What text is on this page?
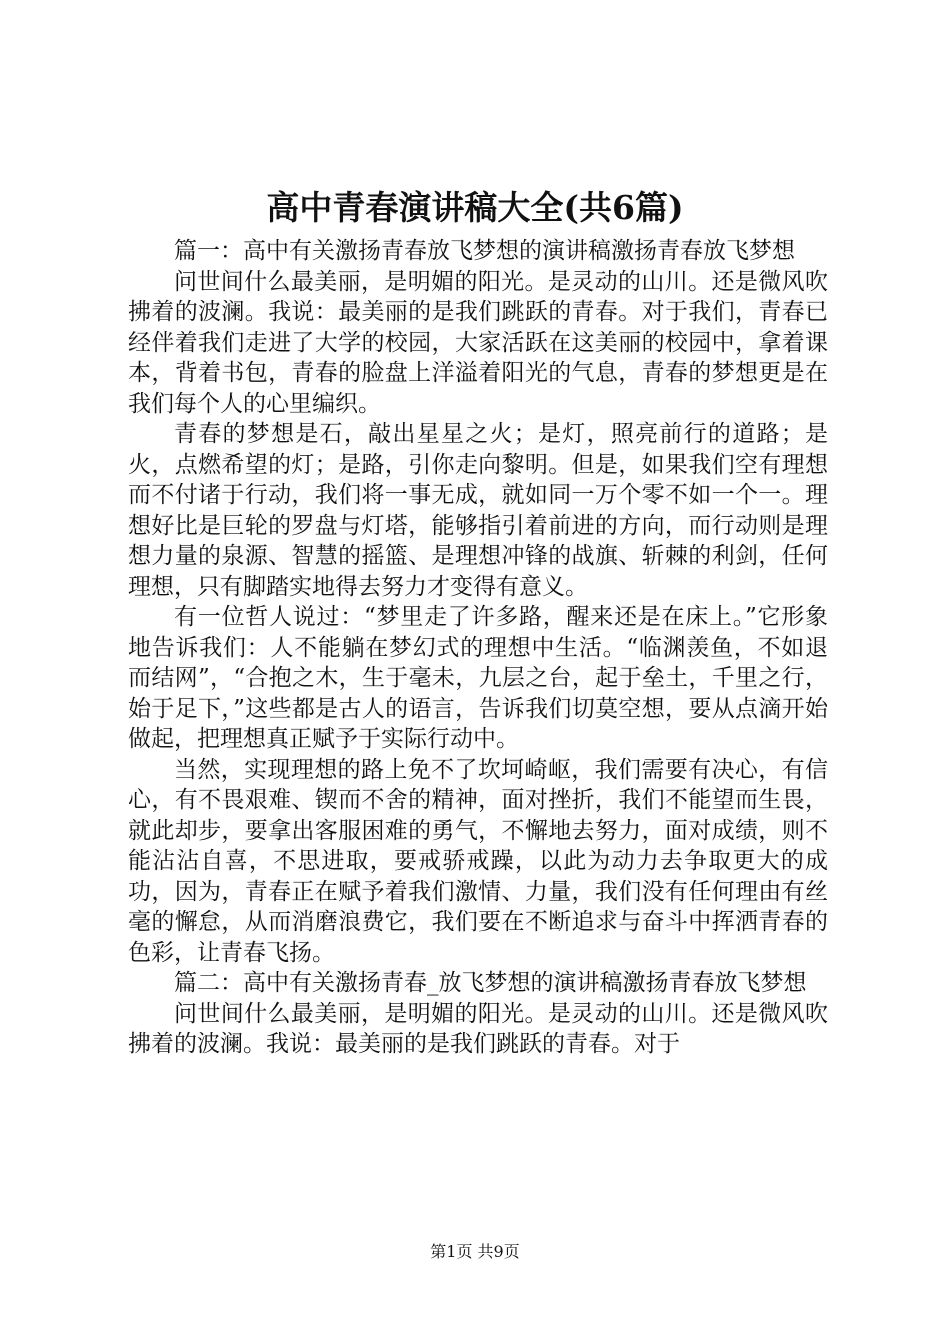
高中青春演讲稿大全(共6篇)

篇一：高中有关激扬青春放飞梦想的演讲稿激扬青春放飞梦想

问世间什么最美丽，是明媚的阳光。是灵动的山川。还是微风吹拂着的波澜。我说：最美丽的是我们跳跃的青春。对于我们，青春已经伴着我们走进了大学的校园，大家活跃在这美丽的校园中，拿着课本，背着书包，青春的脸盘上洋溢着阳光的气息，青春的梦想更是在我们每个人的心里编织。

青春的梦想是石，敲出星星之火；是灯，照亮前行的道路；是火，点燃希望的灯；是路，引你走向黎明。但是，如果我们空有理想而不付诸于行动，我们将一事无成，就如同一万个零不如一个一。理想好比是巨轮的罗盘与灯塔，能够指引着前进的方向，而行动则是理想力量的泉源、智慧的摇篮、是理想冲锋的战旗、斩棘的利剑，任何理想，只有脚踏实地得去努力才变得有意义。

有一位哲人说过：“梦里走了许多路，醒来还是在床上。”它形象地告诉我们：人不能躺在梦幻式的理想中生活。“临渊羡鱼，不如退而结网”，“合抱之木，生于毫未，九层之台，起于垒土，千里之行，始于足下，”这些都是古人的语言，告诉我们切莫空想，要从点滴开始做起，把理想真正赋予于实际行动中。

当然，实现理想的路上免不了坎坷崎岖，我们需要有决心，有信心，有不畏艰难、锲而不舍的精神，面对挫折，我们不能望而生畏，就此却步，要拿出客服困难的勇气，不懈地去努力，面对成绩，则不能沾沾自喜，不思进取，要戒骄戒躁，以此为动力去争取更大的成功，因为，青春正在赋予着我们激情、力量，我们没有任何理由有丝毫的懈怠，从而消磨浪费它，我们要在不断追求与奋斗中挥洒青春的色彩，让青春飞扬。

篇二：高中有关激扬青春_放飞梦想的演讲稿激扬青春放飞梦想

问世间什么最美丽，是明媚的阳光。是灵动的山川。还是微风吹拂着的波澜。我说：最美丽的是我们跳跃的青春。对于

第1页 共9页
